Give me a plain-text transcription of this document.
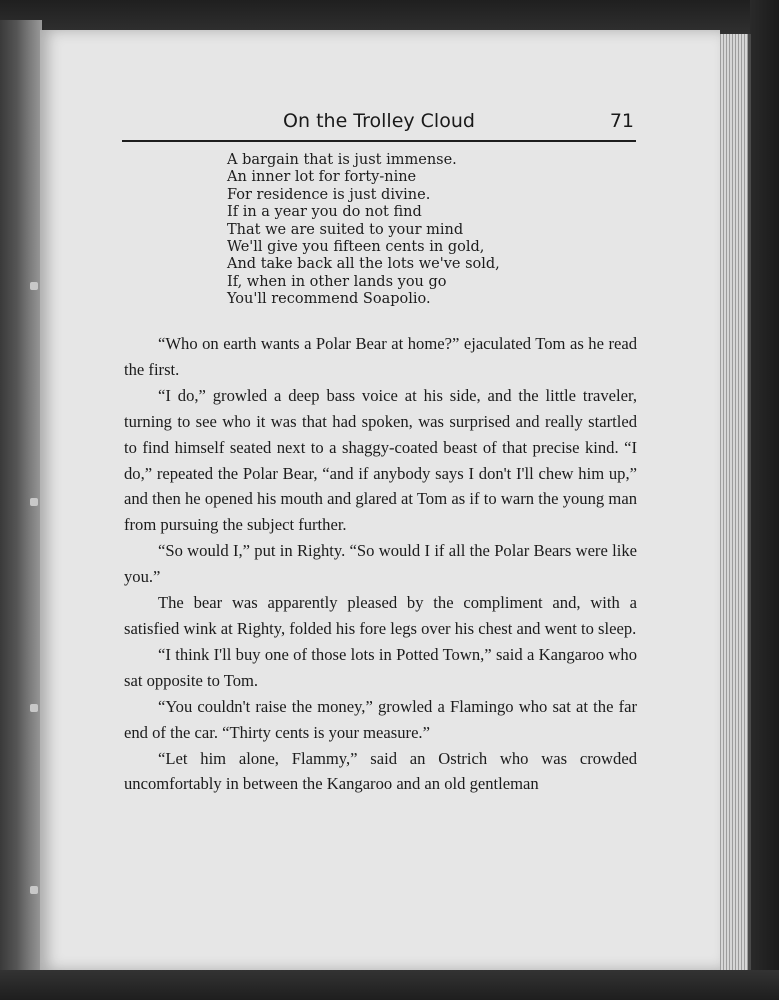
On the Trolley Cloud	71
A bargain that is just immense.
An inner lot for forty-nine
For residence is just divine.
If in a year you do not find
That we are suited to your mind
We'll give you fifteen cents in gold,
And take back all the lots we've sold,
If, when in other lands you go
You'll recommend Soapolio.

“Who on earth wants a Polar Bear at home?” ejaculated Tom as he read the first.

“I do,” growled a deep bass voice at his side, and the little traveler, turning to see who it was that had spoken, was surprised and really startled to find himself seated next to a shaggy-coated beast of that precise kind. “I do,” repeated the Polar Bear, “and if anybody says I don't I'll chew him up,” and then he opened his mouth and glared at Tom as if to warn the young man from pursuing the subject further.

“So would I,” put in Righty. “So would I if all the Polar Bears were like you.”

The bear was apparently pleased by the compliment and, with a satisfied wink at Righty, folded his fore legs over his chest and went to sleep.

“I think I'll buy one of those lots in Potted Town,” said a Kangaroo who sat opposite to Tom.

“You couldn't raise the money,” growled a Flamingo who sat at the far end of the car. “Thirty cents is your measure.”

“Let him alone, Flammy,” said an Ostrich who was crowded uncomfortably in between the Kangaroo and an old gentleman
